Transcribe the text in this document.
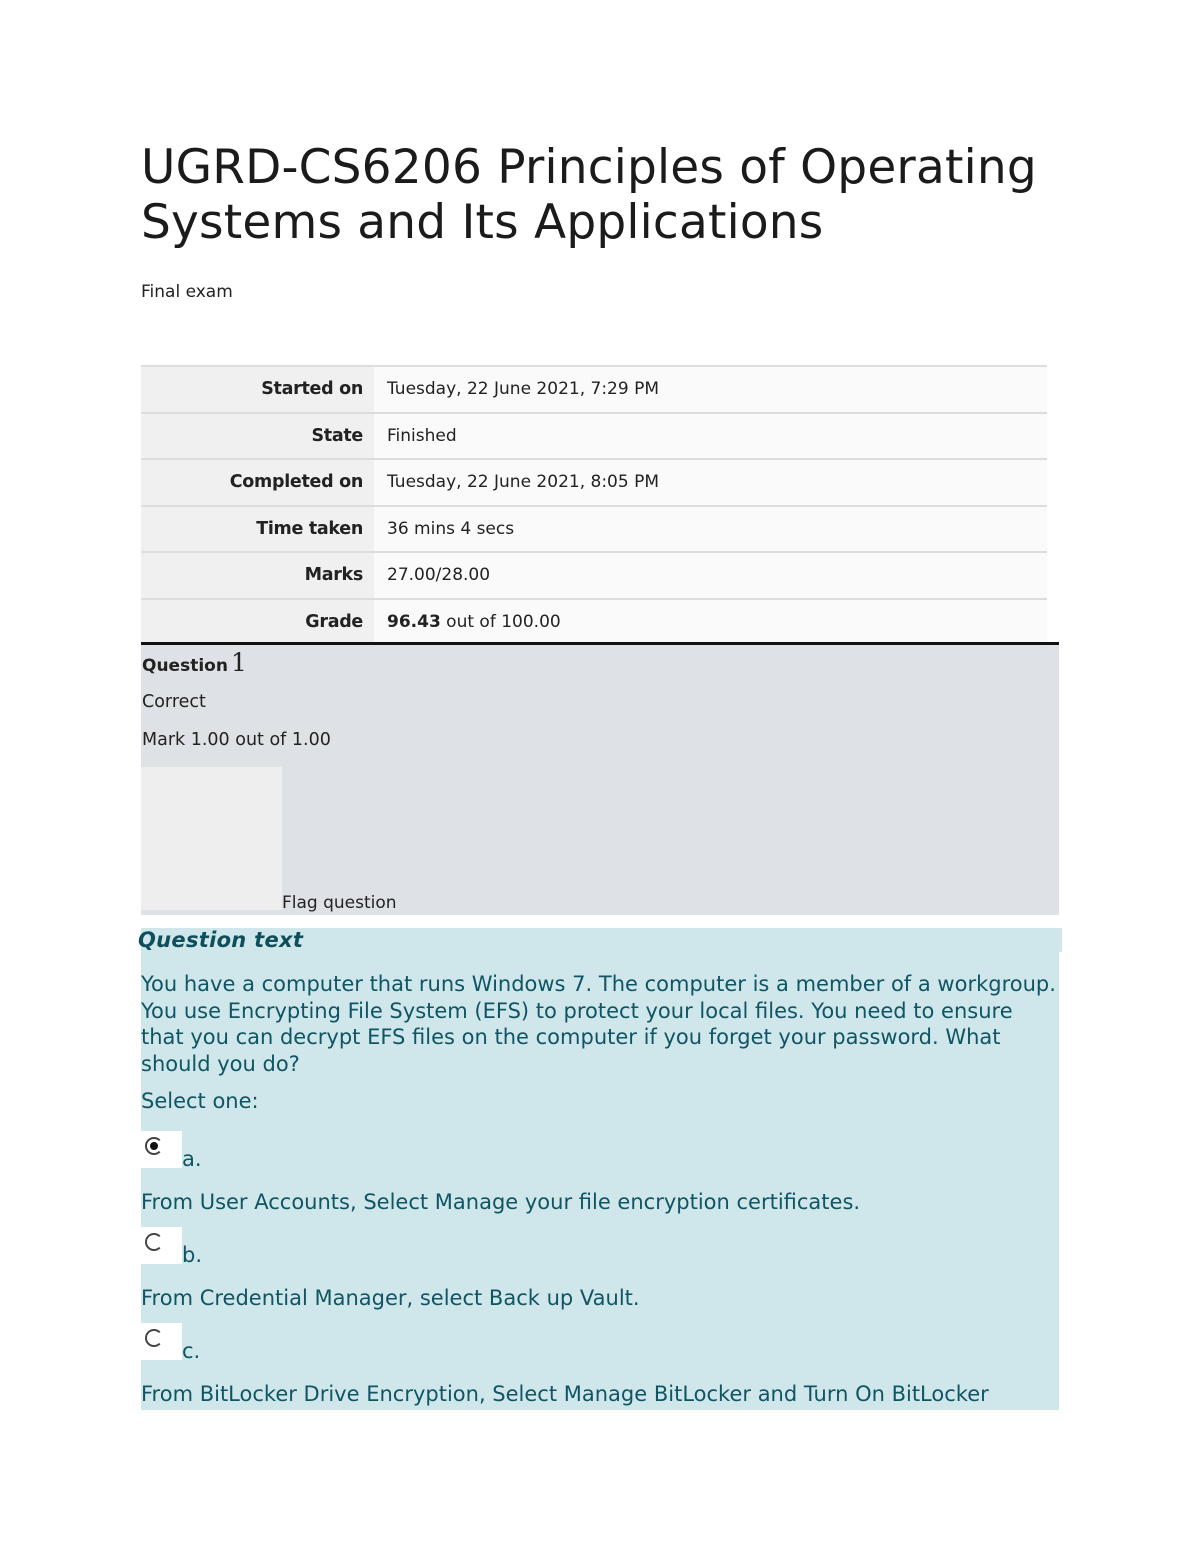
UGRD-CS6206 Principles of Operating Systems and Its Applications
Final exam
Started on	Tuesday, 22 June 2021, 7:29 PM
State	Finished
Completed on	Tuesday, 22 June 2021, 8:05 PM
Time taken	36 mins 4 secs
Marks	27.00/28.00
Grade	96.43 out of 100.00
Question 1
Correct
Mark 1.00 out of 1.00
Flag question
Question text
You have a computer that runs Windows 7. The computer is a member of a workgroup. You use Encrypting File System (EFS) to protect your local files. You need to ensure that you can decrypt EFS files on the computer if you forget your password. What should you do?
Select one:
a.
From User Accounts, Select Manage your file encryption certificates.
b.
From Credential Manager, select Back up Vault.
c.
From BitLocker Drive Encryption, Select Manage BitLocker and Turn On BitLocker
